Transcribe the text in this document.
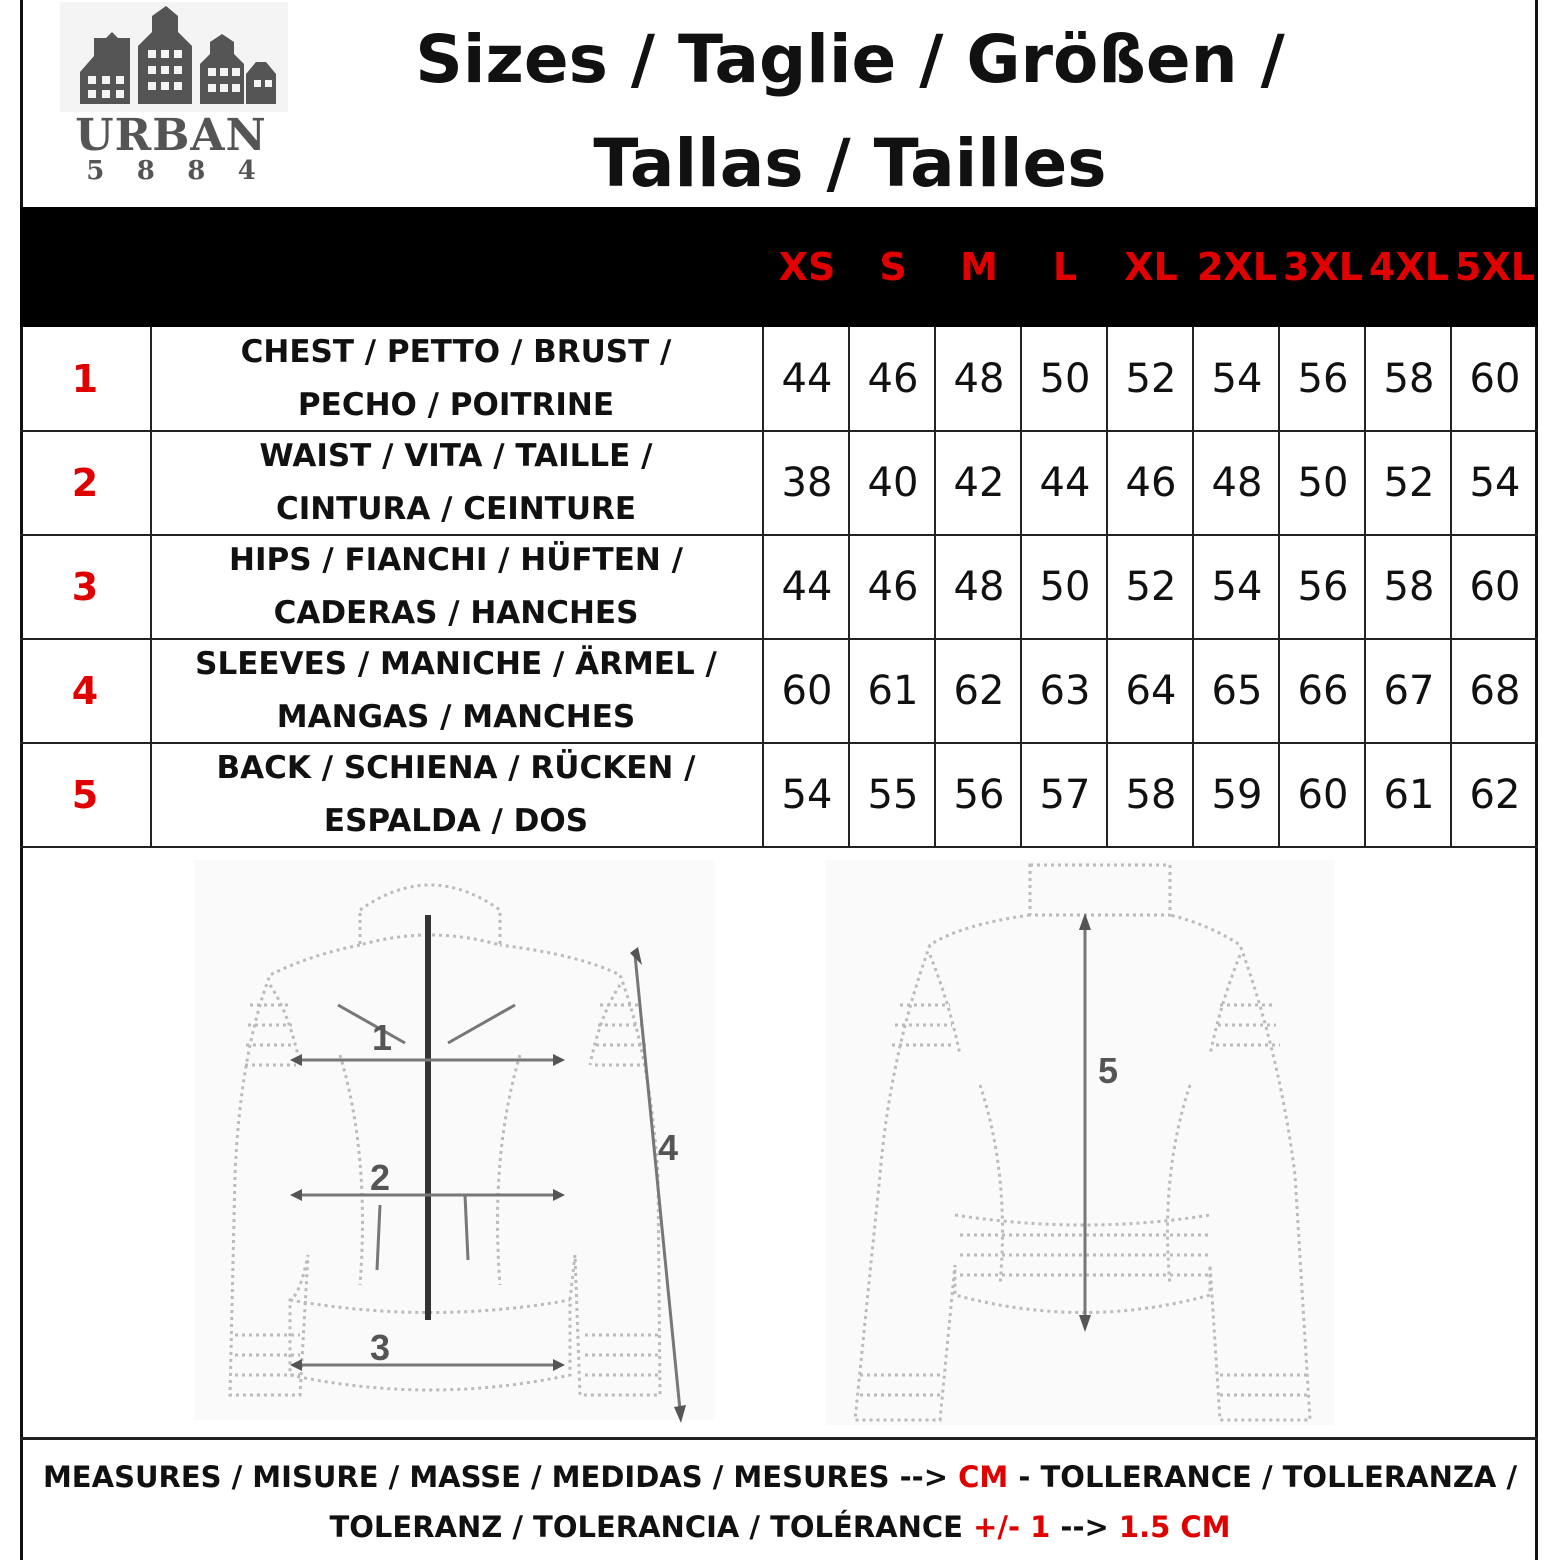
URBAN
5 8 8 4
Sizes / Taglie / Größen /
Tallas / Tailles
XS	S	M	L	XL 2XL 3XL 4XL 5XL
1
CHEST / PETTO / BRUST /
PECHO / POITRINE
44 46 48 50 52 54 56 58 60
2
WAIST / VITA / TAILLE /
CINTURA / CEINTURE
38 40 42 44 46 48 50 52 54
3
HIPS / FIANCHI / HÜFTEN /
CADERAS / HANCHES
44 46 48 50 52 54 56 58 60
4
SLEEVES / MANICHE / ÄRMEL /
MANGAS / MANCHES
60 61 62 63 64 65 66 67 68
5
BACK / SCHIENA / RÜCKEN /
ESPALDA / DOS
54 55 56 57 58 59 60 61 62
1
2
3
4
5
MEASURES / MISURE / MASSE / MEDIDAS / MESURES --> CM - TOLLERANCE / TOLLERANZA /
TOLERANZ / TOLERANCIA / TOLÉRANCE +/- 1 --> 1.5 CM
